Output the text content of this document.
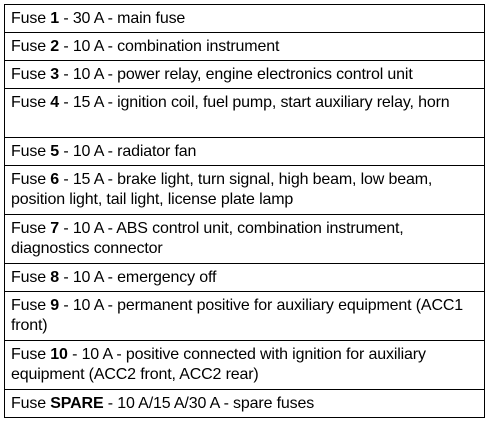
Fuse 1 - 30 A - main fuse
Fuse 2 - 10 A - combination instrument
Fuse 3 - 10 A - power relay, engine electronics control unit
Fuse 4 - 15 A - ignition coil, fuel pump, start auxiliary relay, horn
Fuse 5 - 10 A - radiator fan
Fuse 6 - 15 A - brake light, turn signal, high beam, low beam, position light, tail light, license plate lamp
Fuse 7 - 10 A - ABS control unit, combination instrument, diagnostics connector
Fuse 8 - 10 A - emergency off
Fuse 9 - 10 A - permanent positive for auxiliary equipment (ACC1 front)
Fuse 10 - 10 A - positive connected with ignition for auxiliary equipment (ACC2 front, ACC2 rear)
Fuse SPARE - 10 A/15 A/30 A - spare fuses
